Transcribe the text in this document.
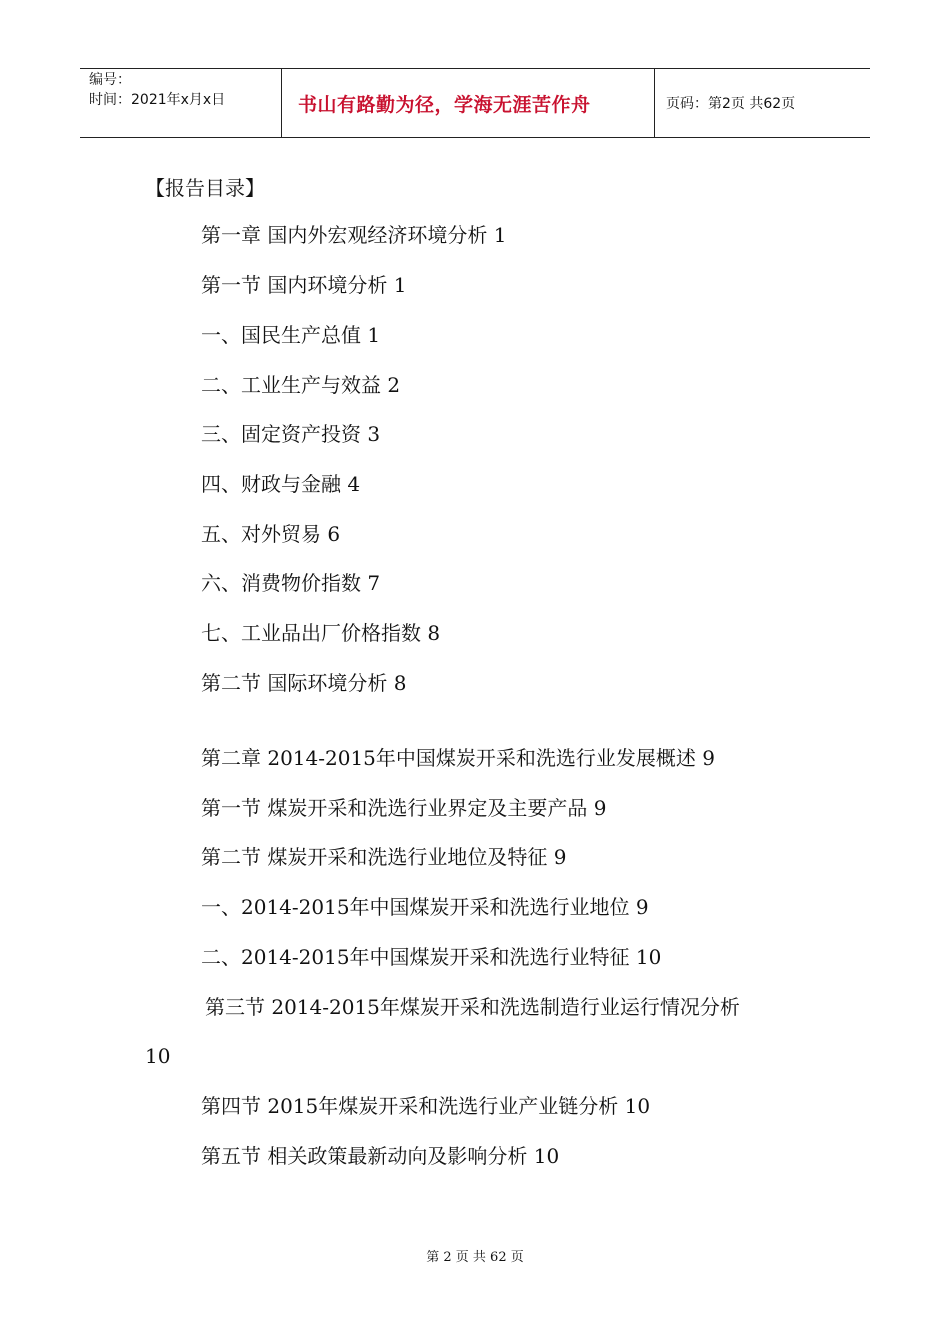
编号：
时间：2021年x月x日	书山有路勤为径，学海无涯苦作舟	页码：第2页 共62页
【报告目录】
第一章 国内外宏观经济环境分析 1
第一节 国内环境分析 1
一、国民生产总值 1
二、工业生产与效益 2
三、固定资产投资 3
四、财政与金融 4
五、对外贸易 6
六、消费物价指数 7
七、工业品出厂价格指数 8
第二节 国际环境分析 8
第二章 2014-2015年中国煤炭开采和洗选行业发展概述 9
第一节 煤炭开采和洗选行业界定及主要产品 9
第二节 煤炭开采和洗选行业地位及特征 9
一、2014-2015年中国煤炭开采和洗选行业地位 9
二、2014-2015年中国煤炭开采和洗选行业特征 10
第三节 2014-2015年煤炭开采和洗选制造行业运行情况分析
10
第四节 2015年煤炭开采和洗选行业产业链分析 10
第五节 相关政策最新动向及影响分析 10
第 2 页 共 62 页
